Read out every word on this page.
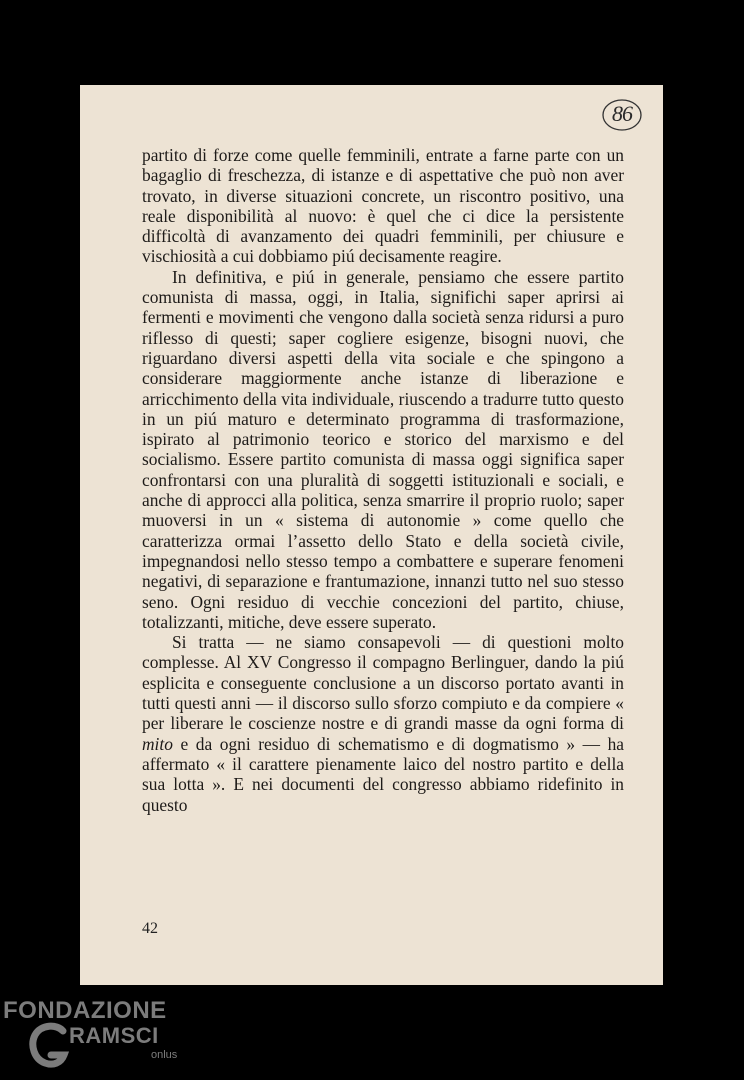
86

partito di forze come quelle femminili, entrate a farne parte con un bagaglio di freschezza, di istanze e di aspettative che può non aver trovato, in diverse situazioni concrete, un riscontro positivo, una reale disponibilità al nuovo: è quel che ci dice la persistente difficoltà di avanzamento dei quadri femminili, per chiusure e vischiosità a cui dobbiamo piú decisamente reagire.

In definitiva, e piú in generale, pensiamo che essere partito comunista di massa, oggi, in Italia, significhi saper aprirsi ai fermenti e movimenti che vengono dalla società senza ridursi a puro riflesso di questi; saper cogliere esigenze, bisogni nuovi, che riguardano diversi aspetti della vita sociale e che spingono a considerare maggiormente anche istanze di liberazione e arricchimento della vita individuale, riuscendo a tradurre tutto questo in un piú maturo e determinato programma di trasformazione, ispirato al patrimonio teorico e storico del marxismo e del socialismo. Essere partito comunista di massa oggi significa saper confrontarsi con una pluralità di soggetti istituzionali e sociali, e anche di approcci alla politica, senza smarrire il proprio ruolo; saper muoversi in un « sistema di autonomie » come quello che caratterizza ormai l’assetto dello Stato e della società civile, impegnandosi nello stesso tempo a combattere e superare fenomeni negativi, di separazione e frantumazione, innanzi tutto nel suo stesso seno. Ogni residuo di vecchie concezioni del partito, chiuse, totalizzanti, mitiche, deve essere superato.

Si tratta — ne siamo consapevoli — di questioni molto complesse. Al XV Congresso il compagno Berlinguer, dando la piú esplicita e conseguente conclusione a un discorso portato avanti in tutti questi anni — il discorso sullo sforzo compiuto e da compiere « per liberare le coscienze nostre e di grandi masse da ogni forma di mito e da ogni residuo di schematismo e di dogmatismo » — ha affermato « il carattere pienamente laico del nostro partito e della sua lotta ». E nei documenti del congresso abbiamo ridefinito in questo

42
FONDAZIONE
RAMSCI
onlus
